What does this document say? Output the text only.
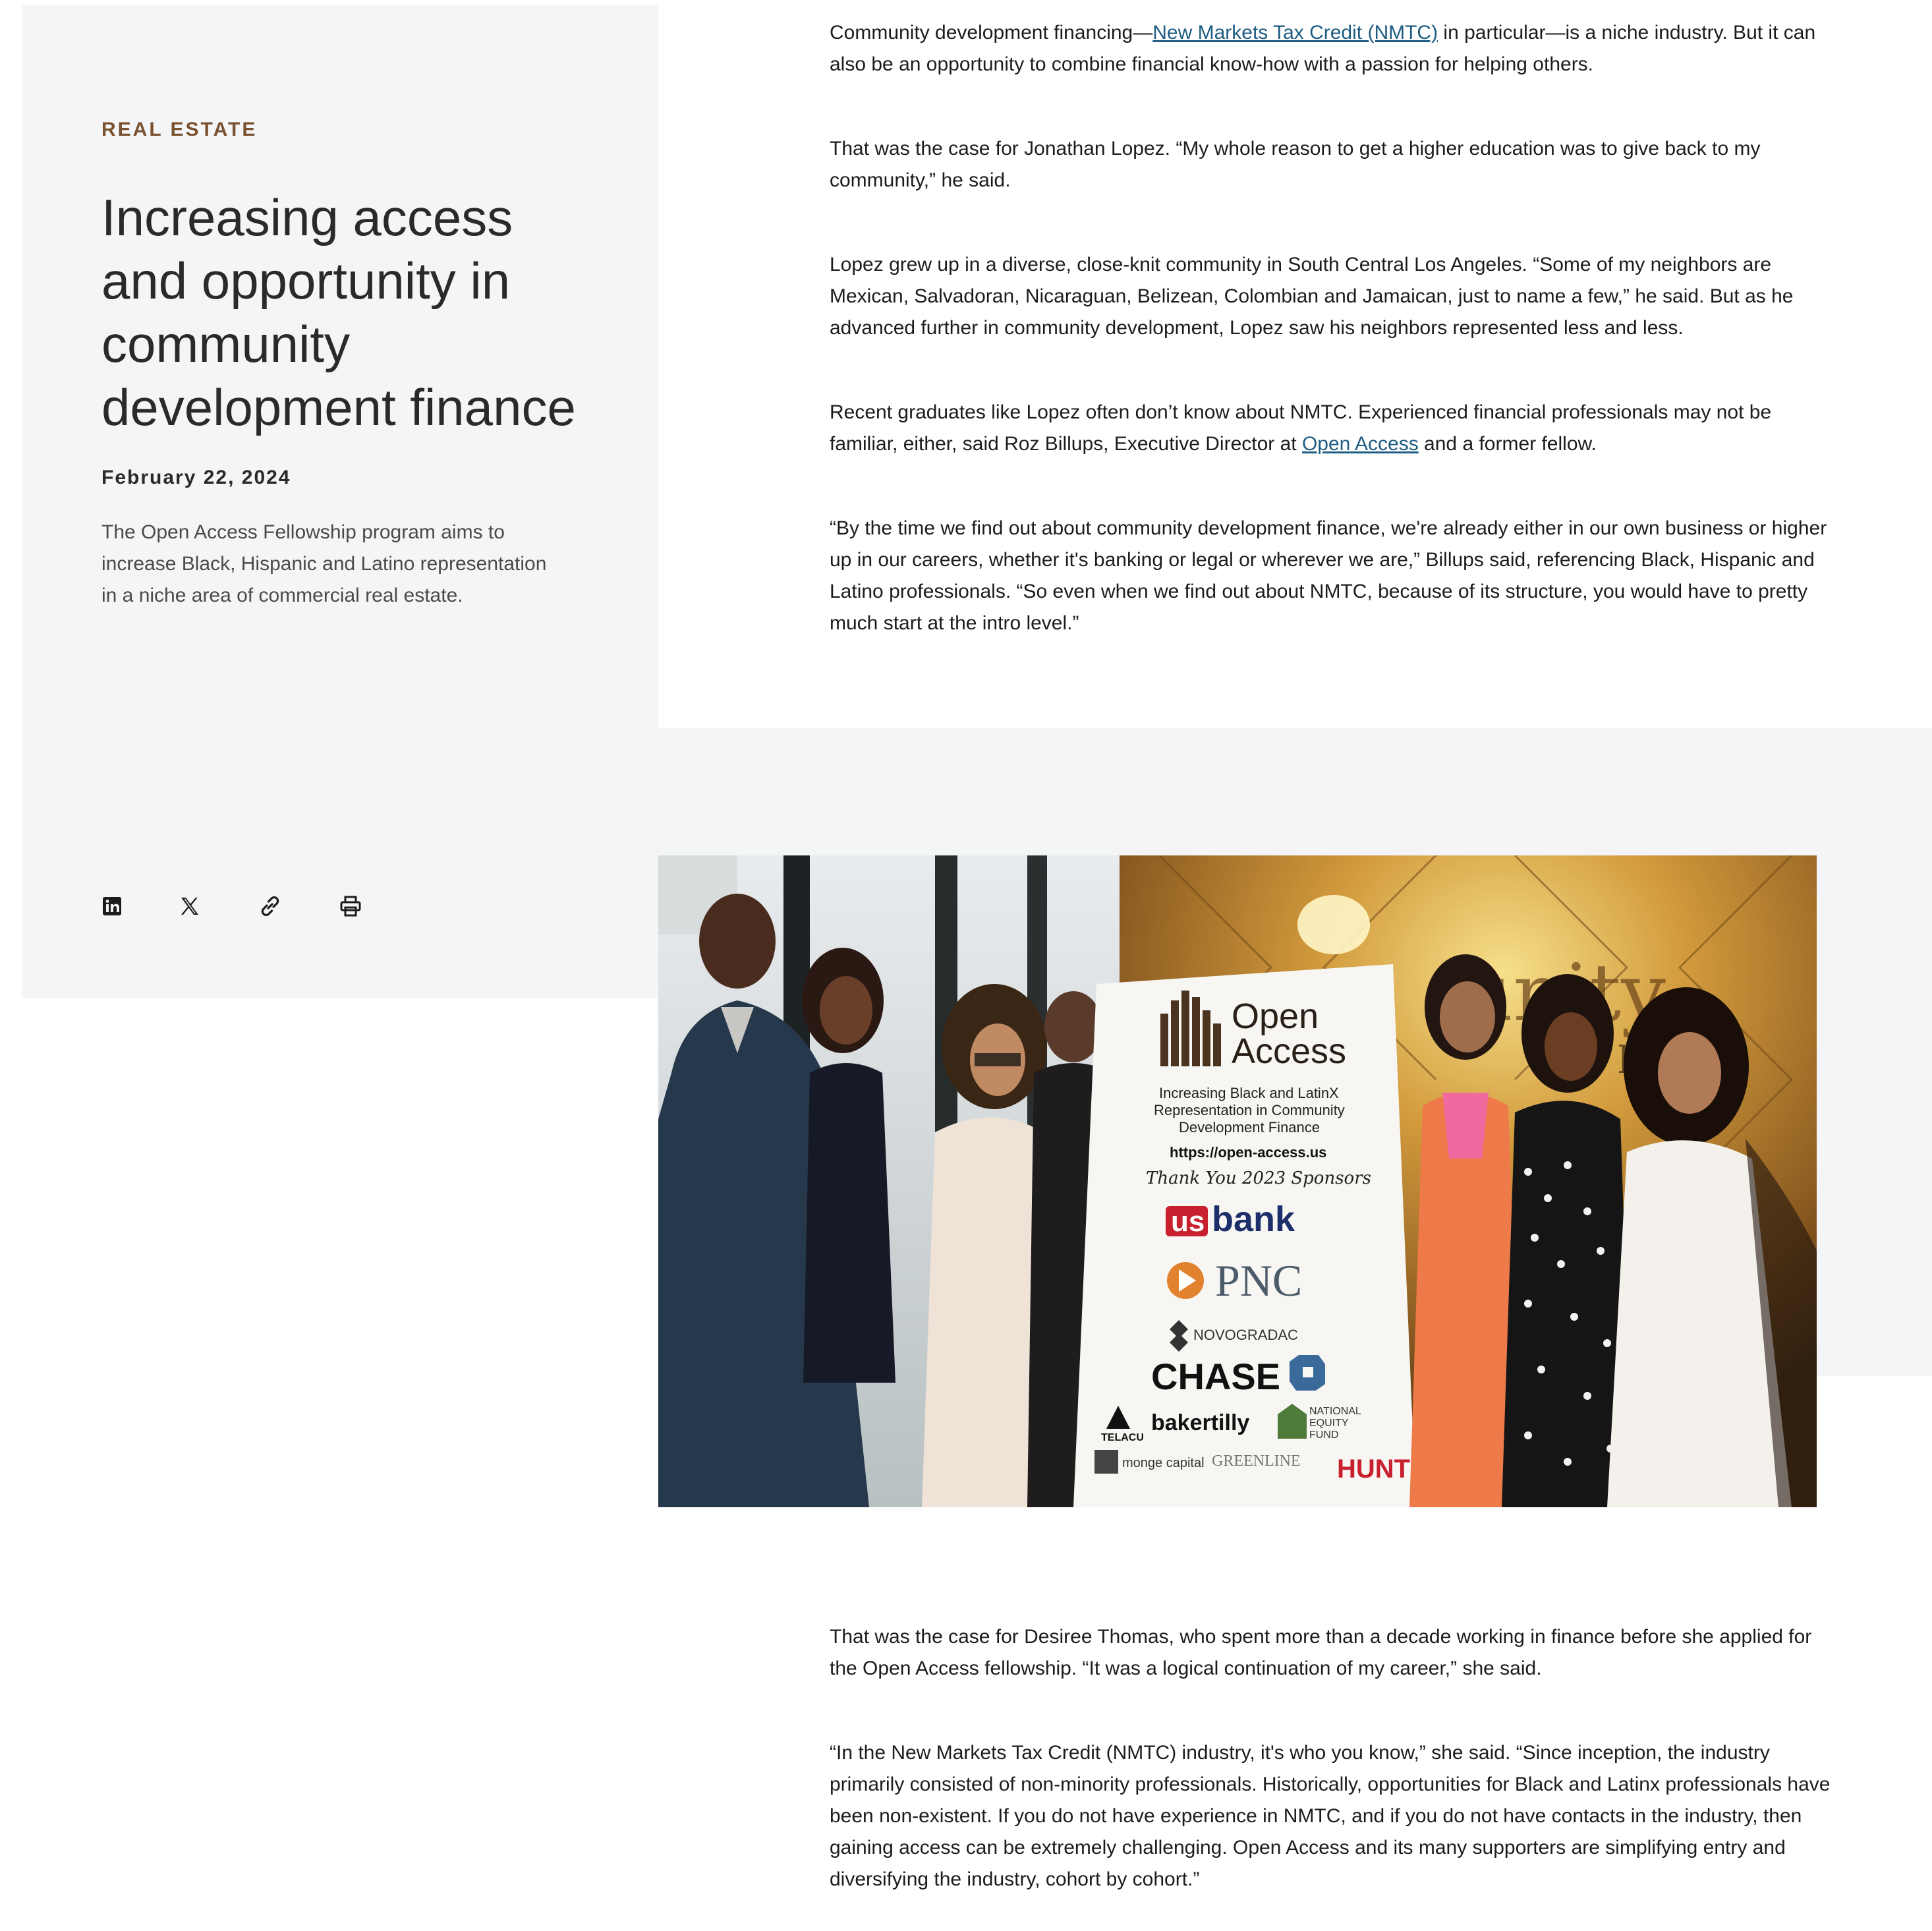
REAL ESTATE
Increasing access and opportunity in community development finance
February 22, 2024

The Open Access Fellowship program aims to increase Black, Hispanic and Latino representation in a niche area of commercial real estate.

Community development financing—New Markets Tax Credit (NMTC) in particular—is a niche industry. But it can also be an opportunity to combine financial know-how with a passion for helping others.

That was the case for Jonathan Lopez. “My whole reason to get a higher education was to give back to my community,” he said.

Lopez grew up in a diverse, close-knit community in South Central Los Angeles. “Some of my neighbors are Mexican, Salvadoran, Nicaraguan, Belizean, Colombian and Jamaican, just to name a few,” he said. But as he advanced further in community development, Lopez saw his neighbors represented less and less.

Recent graduates like Lopez often don’t know about NMTC. Experienced financial professionals may not be familiar, either, said Roz Billups, Executive Director at Open Access and a former fellow.

“By the time we find out about community development finance, we're already either in our own business or higher up in our careers, whether it's banking or legal or wherever we are,” Billups said, referencing Black, Hispanic and Latino professionals. “So even when we find out about NMTC, because of its structure, you would have to pretty much start at the intro level.”

Open
Access
Increasing Black and LatinX
Representation in Community
Development Finance
https://open-access.us
Thank You 2023 Sponsors
us bank
PNC
NOVOGRADAC
CHASE
TELACU
bakertilly	NATIONAL
EQUITY
FUND
monge capital GREENLINE HUNT

That was the case for Desiree Thomas, who spent more than a decade working in finance before she applied for the Open Access fellowship. “It was a logical continuation of my career,” she said.

“In the New Markets Tax Credit (NMTC) industry, it's who you know,” she said. “Since inception, the industry primarily consisted of non-minority professionals. Historically, opportunities for Black and Latinx professionals have been non-existent. If you do not have experience in NMTC, and if you do not have contacts in the industry, then gaining access can be extremely challenging. Open Access and its many supporters are simplifying entry and diversifying the industry, cohort by cohort.”
